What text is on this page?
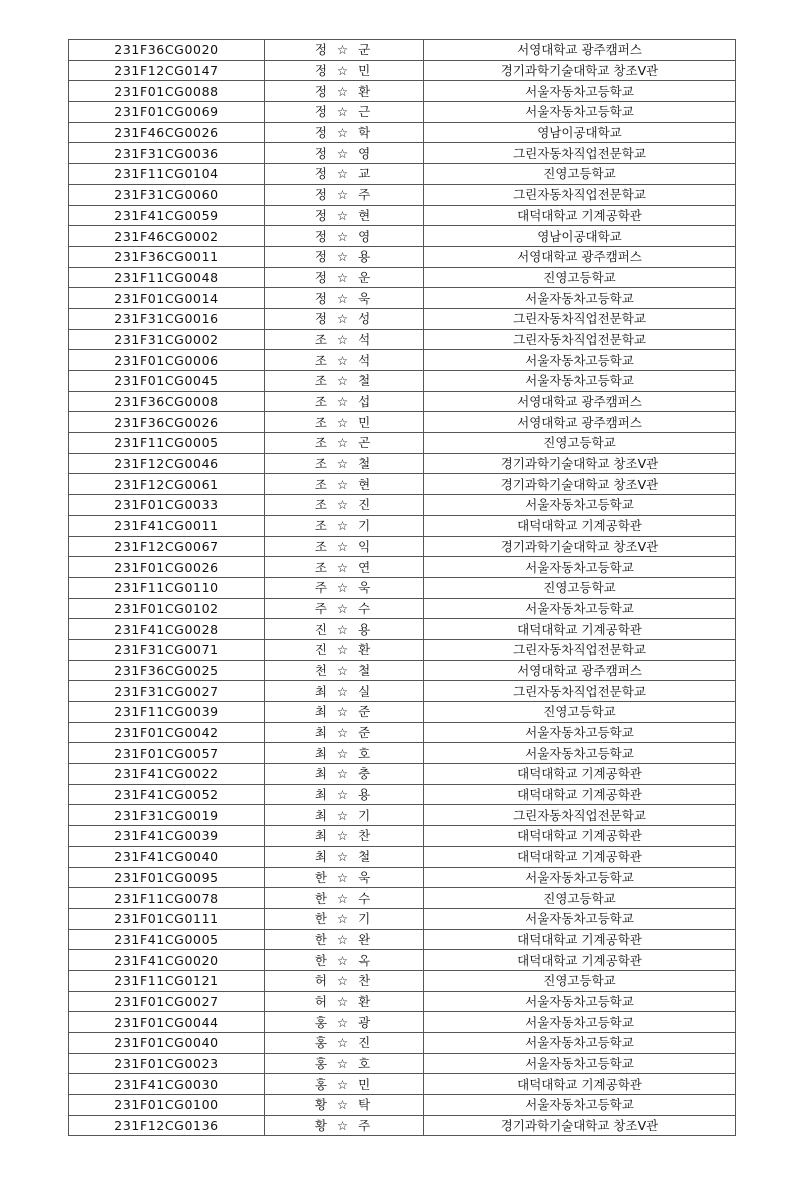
231F36CG0020	정 ☆ 군	서영대학교 광주캠퍼스
231F12CG0147	정 ☆ 민	경기과학기술대학교 창조V관
231F01CG0088	정 ☆ 환	서울자동차고등학교
231F01CG0069	정 ☆ 근	서울자동차고등학교
231F46CG0026	정 ☆ 학	영남이공대학교
231F31CG0036	정 ☆ 영	그린자동차직업전문학교
231F11CG0104	정 ☆ 교	진영고등학교
231F31CG0060	정 ☆ 주	그린자동차직업전문학교
231F41CG0059	정 ☆ 현	대덕대학교 기계공학관
231F46CG0002	정 ☆ 영	영남이공대학교
231F36CG0011	정 ☆ 용	서영대학교 광주캠퍼스
231F11CG0048	정 ☆ 운	진영고등학교
231F01CG0014	정 ☆ 욱	서울자동차고등학교
231F31CG0016	정 ☆ 성	그린자동차직업전문학교
231F31CG0002	조 ☆ 석	그린자동차직업전문학교
231F01CG0006	조 ☆ 석	서울자동차고등학교
231F01CG0045	조 ☆ 철	서울자동차고등학교
231F36CG0008	조 ☆ 섭	서영대학교 광주캠퍼스
231F36CG0026	조 ☆ 민	서영대학교 광주캠퍼스
231F11CG0005	조 ☆ 곤	진영고등학교
231F12CG0046	조 ☆ 철	경기과학기술대학교 창조V관
231F12CG0061	조 ☆ 현	경기과학기술대학교 창조V관
231F01CG0033	조 ☆ 진	서울자동차고등학교
231F41CG0011	조 ☆ 기	대덕대학교 기계공학관
231F12CG0067	조 ☆ 익	경기과학기술대학교 창조V관
231F01CG0026	조 ☆ 연	서울자동차고등학교
231F11CG0110	주 ☆ 욱	진영고등학교
231F01CG0102	주 ☆ 수	서울자동차고등학교
231F41CG0028	진 ☆ 용	대덕대학교 기계공학관
231F31CG0071	진 ☆ 환	그린자동차직업전문학교
231F36CG0025	천 ☆ 철	서영대학교 광주캠퍼스
231F31CG0027	최 ☆ 실	그린자동차직업전문학교
231F11CG0039	최 ☆ 준	진영고등학교
231F01CG0042	최 ☆ 준	서울자동차고등학교
231F01CG0057	최 ☆ 호	서울자동차고등학교
231F41CG0022	최 ☆ 충	대덕대학교 기계공학관
231F41CG0052	최 ☆ 용	대덕대학교 기계공학관
231F31CG0019	최 ☆ 기	그린자동차직업전문학교
231F41CG0039	최 ☆ 찬	대덕대학교 기계공학관
231F41CG0040	최 ☆ 철	대덕대학교 기계공학관
231F01CG0095	한 ☆ 욱	서울자동차고등학교
231F11CG0078	한 ☆ 수	진영고등학교
231F01CG0111	한 ☆ 기	서울자동차고등학교
231F41CG0005	한 ☆ 완	대덕대학교 기계공학관
231F41CG0020	한 ☆ 옥	대덕대학교 기계공학관
231F11CG0121	허 ☆ 찬	진영고등학교
231F01CG0027	허 ☆ 환	서울자동차고등학교
231F01CG0044	홍 ☆ 광	서울자동차고등학교
231F01CG0040	홍 ☆ 진	서울자동차고등학교
231F01CG0023	홍 ☆ 호	서울자동차고등학교
231F41CG0030	홍 ☆ 민	대덕대학교 기계공학관
231F01CG0100	황 ☆ 탁	서울자동차고등학교
231F12CG0136	황 ☆ 주	경기과학기술대학교 창조V관
